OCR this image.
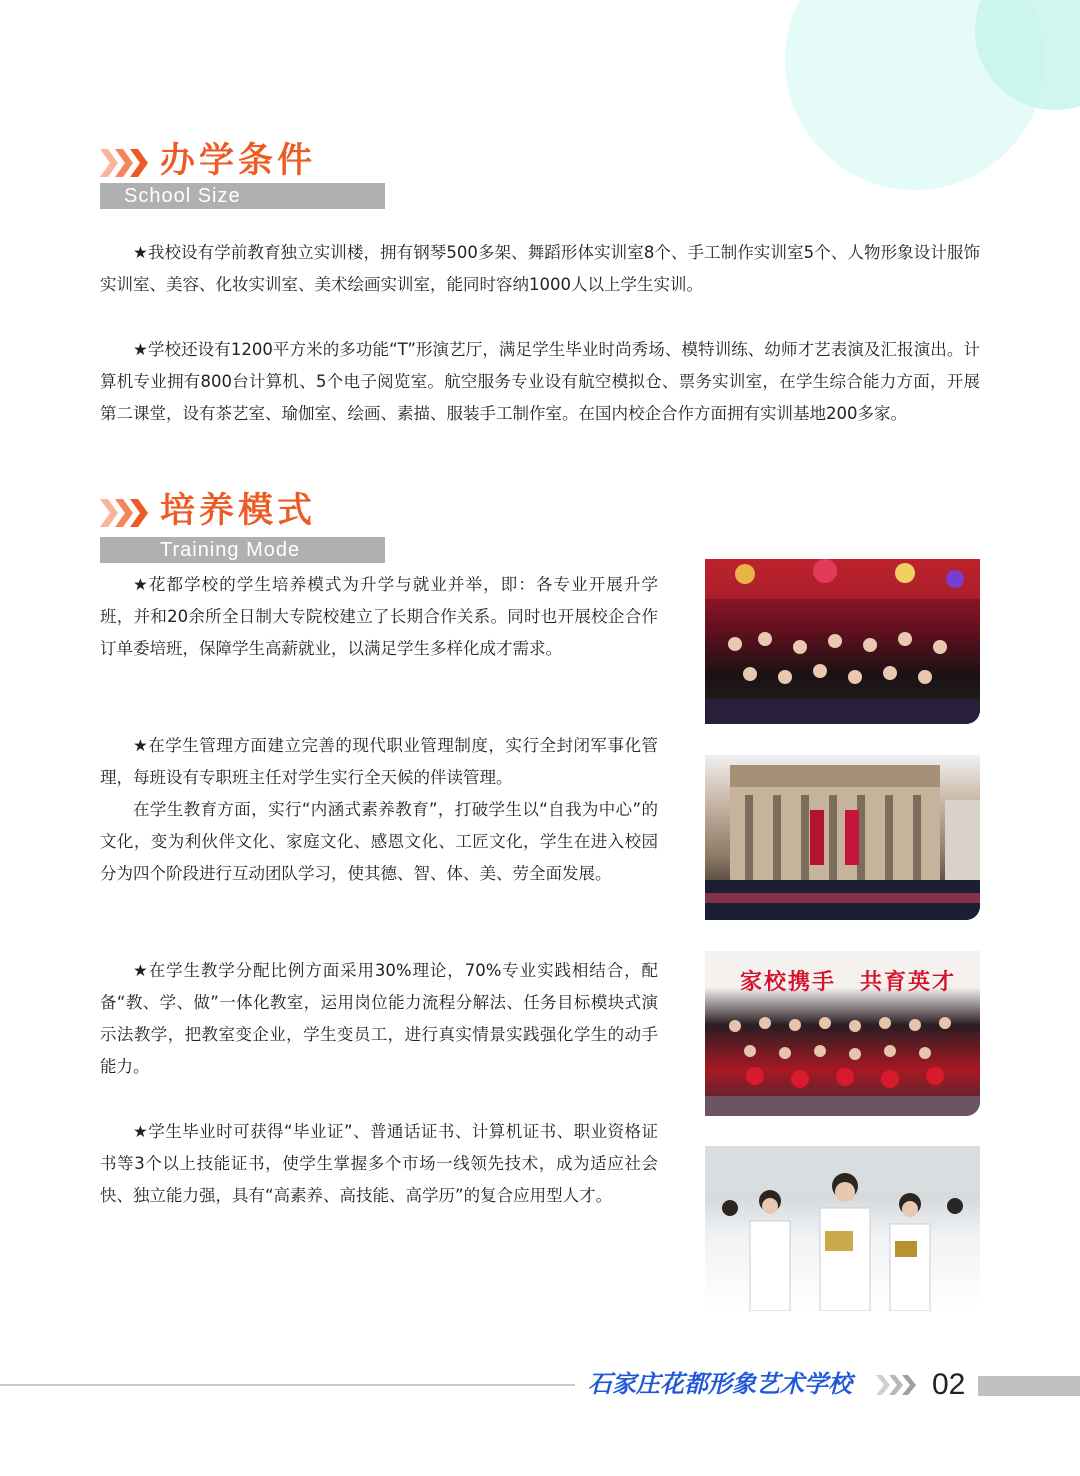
办学条件
School Size

★我校设有学前教育独立实训楼，拥有钢琴500多架、舞蹈形体实训室8个、手工制作实训室5个、人物形象设计服饰实训室、美容、化妆实训室、美术绘画实训室，能同时容纳1000人以上学生实训。

★学校还设有1200平方米的多功能“T”形演艺厅，满足学生毕业时尚秀场、模特训练、幼师才艺表演及汇报演出。计算机专业拥有800台计算机、5个电子阅览室。航空服务专业设有航空模拟仓、票务实训室，在学生综合能力方面，开展第二课堂，设有茶艺室、瑜伽室、绘画、素描、服装手工制作室。在国内校企合作方面拥有实训基地200多家。

培养模式
Training Mode

★花都学校的学生培养模式为升学与就业并举，即：各专业开展升学班，并和20余所全日制大专院校建立了长期合作关系。同时也开展校企合作订单委培班，保障学生高薪就业，以满足学生多样化成才需求。

★在学生管理方面建立完善的现代职业管理制度，实行全封闭军事化管理，每班设有专职班主任对学生实行全天候的伴读管理。

在学生教育方面，实行“内涵式素养教育”，打破学生以“自我为中心”的文化，变为利伙伴文化、家庭文化、感恩文化、工匠文化，学生在进入校园分为四个阶段进行互动团队学习，使其德、智、体、美、劳全面发展。

★在学生教学分配比例方面采用30%理论，70%专业实践相结合，配备“教、学、做”一体化教室，运用岗位能力流程分解法、任务目标模块式演示法教学，把教室变企业，学生变员工，进行真实情景实践强化学生的动手能力。

★学生毕业时可获得“毕业证”、普通话证书、计算机证书、职业资格证书等3个以上技能证书，使学生掌握多个市场一线领先技术，成为适应社会快、独立能力强，具有“高素养、高技能、高学历”的复合应用型人才。

家校携手 共育英才
石家庄花都形象艺术学校	02
